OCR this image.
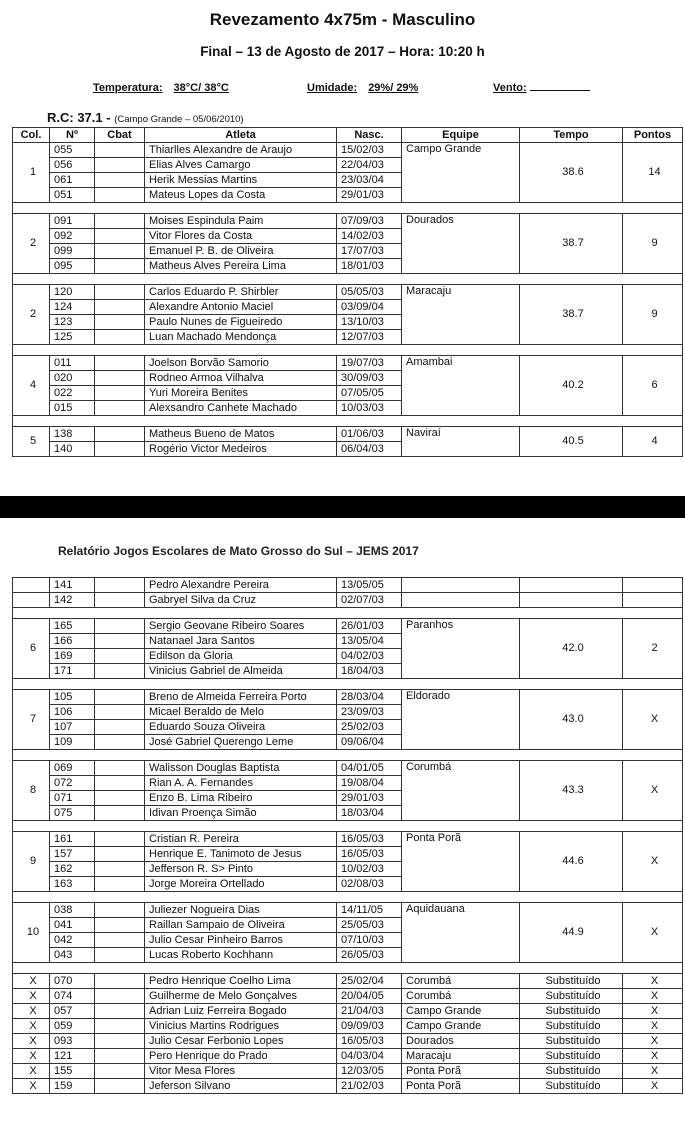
Revezamento 4x75m - Masculino
Final – 13 de Agosto de 2017 – Hora: 10:20 h
Temperatura: 38°C/ 38°C	Umidade: 29%/ 29%	Vento:
R.C: 37.1 - (Campo Grande – 05/06/2010)
Col.	Nº	Cbat	Atleta	Nasc.	Equipe	Tempo	Pontos
1	055		Thiarlles Alexandre de Araujo	15/02/03	Campo Grande	38.6	14
	056		Elias Alves Camargo	22/04/03			
	061		Herik Messias Martins	23/03/04			
	051		Mateus Lopes da Costa	29/01/03			

2	091		Moises Espindula Paim	07/09/03	Dourados	38.7	9
	092		Vitor Flores da Costa	14/02/03			
	099		Emanuel P. B. de Oliveira	17/07/03			
	095		Matheus Alves Pereira Lima	18/01/03			

2	120		Carlos Eduardo P. Shirbler	05/05/03	Maracaju	38.7	9
	124		Alexandre Antonio Maciel	03/09/04			
	123		Paulo Nunes de Figueiredo	13/10/03			
	125		Luan Machado Mendonça	12/07/03			

4	011		Joelson Borvão Samorio	19/07/03	Amambai	40.2	6
	020		Rodneo Armoa Vilhalva	30/09/03			
	022		Yuri Moreira Benites	07/05/05			
	015		Alexsandro Canhete Machado	10/03/03			

5	138		Matheus Bueno de Matos	01/06/03	Naviraí	40.5	4
	140		Rogério Victor Medeiros	06/04/03			
Relatório Jogos Escolares de Mato Grosso do Sul – JEMS 2017
	141		Pedro Alexandre Pereira	13/05/05			
	142		Gabryel Silva da Cruz	02/07/03			

6	165		Sergio Geovane Ribeiro Soares	26/01/03	Paranhos	42.0	2
	166		Natanael Jara Santos	13/05/04			
	169		Edilson da Gloria	04/02/03			
	171		Vinicius Gabriel de Almeida	18/04/03			

7	105		Breno de Almeida Ferreira Porto	28/03/04	Eldorado	43.0	X
	106		Micael Beraldo de Melo	23/09/03			
	107		Eduardo Souza Oliveira	25/02/03			
	109		José Gabriel Querengo Leme	09/06/04			

8	069		Walisson Douglas Baptista	04/01/05	Corumbá	43.3	X
	072		Rian A. A. Fernandes	19/08/04			
	071		Enzo B. Lima Ribeiro	29/01/03			
	075		Idivan Proença Simão	18/03/04			

9	161		Cristian R. Pereira	16/05/03	Ponta Porã	44.6	X
	157		Henrique E. Tanimoto de Jesus	16/05/03			
	162		Jefferson R. S> Pinto	10/02/03			
	163		Jorge Moreira Ortellado	02/08/03			

10	038		Juliezer Nogueira Dias	14/11/05	Aquidauana	44.9	X
	041		Raillan Sampaio de Oliveira	25/05/03			
	042		Julio Cesar Pinheiro Barros	07/10/03			
	043		Lucas Roberto Kochhann	26/05/03			

X	070		Pedro Henrique Coelho Lima	25/02/04	Corumbá	Substituído	X
X	074		Guilherme de Melo Gonçalves	20/04/05	Corumbá	Substituído	X
X	057		Adrian Luiz Ferreira Bogado	21/04/03	Campo Grande	Substituído	X
X	059		Vinicius Martins Rodrigues	09/09/03	Campo Grande	Substituído	X
X	093		Julio Cesar Ferbonio Lopes	16/05/03	Dourados	Substituído	X
X	121		Pero Henrique do Prado	04/03/04	Maracaju	Substituído	X
X	155		Vitor Mesa Flores	12/03/05	Ponta Porã	Substituído	X
X	159		Jeferson Silvano	21/02/03	Ponta Porã	Substituído	X
